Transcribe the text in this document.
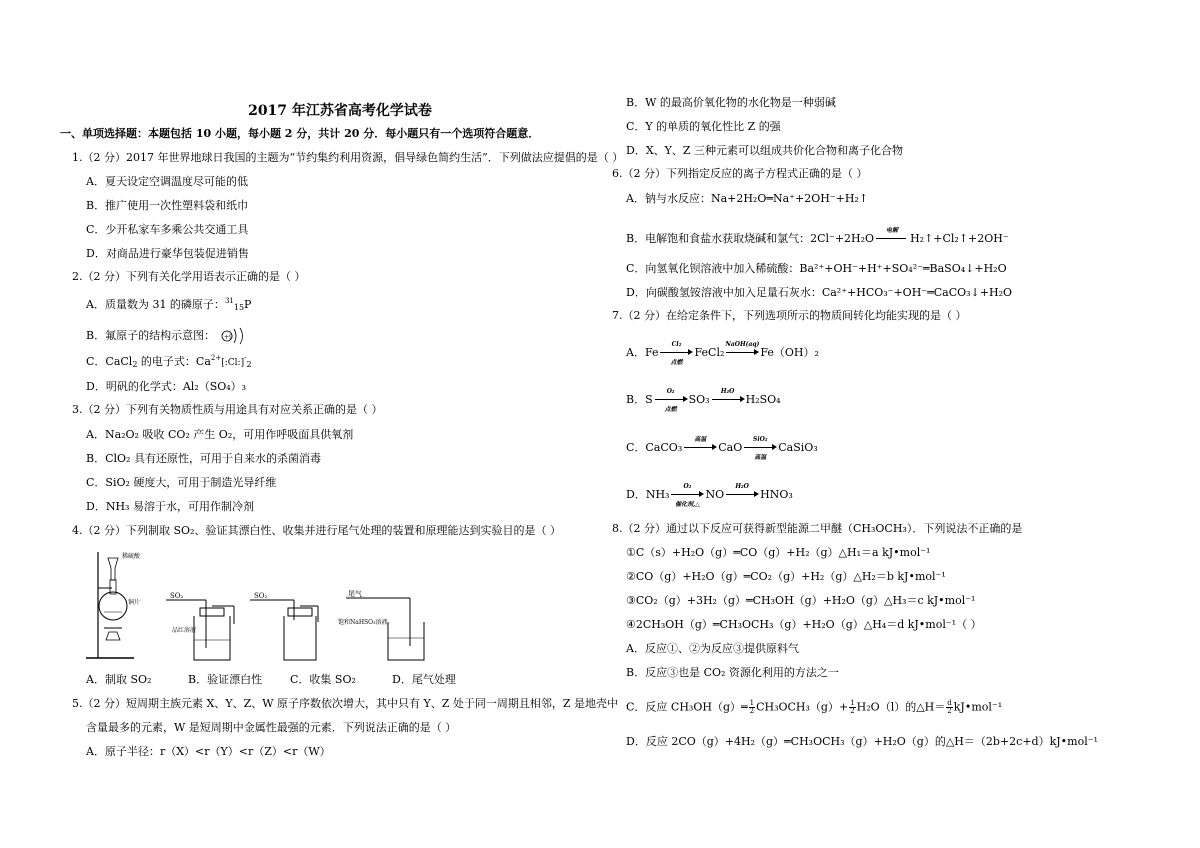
2017 年江苏省高考化学试卷
一、单项选择题：本题包括 10 小题，每小题 2 分，共计 20 分．每小题只有一个选项符合题意．
1.（2 分）2017 年世界地球日我国的主题为“节约集约利用资源，倡导绿色简约生活”．下列做法应提倡的是（ ）
A．夏天设定空调温度尽可能的低
B．推广使用一次性塑料袋和纸巾
C．少开私家车多乘公共交通工具
D．对商品进行豪华包装促进销售
2.（2 分）下列有关化学用语表示正确的是（ ）
A．质量数为 31 的磷原子：$^{31}_{15}$P
B．氟原子的结构示意图： +9
C．CaCl$_2$ 的电子式：$Ca^{2+}[:Cl:]^-_2$
D．明矾的化学式：Al₂（SO₄）₃
3.（2 分）下列有关物质性质与用途具有对应关系正确的是（ ）
A．Na₂O₂ 吸收 CO₂ 产生 O₂，可用作呼吸面具供氧剂
B．ClO₂ 具有还原性，可用于自来水的杀菌消毒
C．SiO₂ 硬度大，可用于制造光导纤维
D．NH₃ 易溶于水，可用作制冷剂
4.（2 分）下列制取 SO₂、验证其漂白性、收集并进行尾气处理的装置和原理能达到实验目的是（ ）
稀硫酸
铜片
SO₂
品红溶液
SO₂	尾气
饱和NaHSO₃溶液
A．制取 SO₂	B．验证漂白性	C．收集 SO₂	D．尾气处理
5.（2 分）短周期主族元素 X、Y、Z、W 原子序数依次增大，其中只有 Y、Z 处于同一周期且相邻，Z 是地壳中
含量最多的元素，W 是短周期中金属性最强的元素．下列说法正确的是（ ）
A．原子半径：r（X）<r（Y）<r（Z）<r（W）
B．W 的最高价氧化物的水化物是一种弱碱
C．Y 的单质的氧化性比 Z 的强
D．X、Y、Z 三种元素可以组成共价化合物和离子化合物
6.（2 分）下列指定反应的离子方程式正确的是（ ）
A．钠与水反应：Na+2H₂O═Na⁺+2OH⁻+H₂↑
B．电解饱和食盐水获取烧碱和氯气：2Cl⁻+2H₂O
电解
H₂↑+Cl₂↑+2OH⁻
C．向氢氧化钡溶液中加入稀硫酸：Ba²⁺+OH⁻+H⁺+SO₄²⁻═BaSO₄↓+H₂O
D．向碳酸氢铵溶液中加入足量石灰水：Ca²⁺+HCO₃⁻+OH⁻═CaCO₃↓+H₂O
7.（2 分）在给定条件下，下列选项所示的物质间转化均能实现的是（ ）
A．Fe
Cl₂
点燃
FeCl₂
NaOH(aq)
Fe（OH）₂
B．S
O₂
点燃
SO₃
H₂O
H₂SO₄
C．CaCO₃
高温
CaO
SiO₂
高温
CaSiO₃
D．NH₃
O₂
催化剂,△
NO
H₂O
HNO₃
8.（2 分）通过以下反应可获得新型能源二甲醚（CH₃OCH₃）．下列说法不正确的是
①C（s）+H₂O（g）═CO（g）+H₂（g）△H₁＝a kJ•mol⁻¹
②CO（g）+H₂O（g）═CO₂（g）+H₂（g）△H₂＝b kJ•mol⁻¹
③CO₂（g）+3H₂（g）═CH₃OH（g）+H₂O（g）△H₃＝c kJ•mol⁻¹
④2CH₃OH（g）═CH₃OCH₃（g）+H₂O（g）△H₄＝d kJ•mol⁻¹（ ）
A．反应①、②为反应③提供原料气
B．反应③也是 CO₂ 资源化利用的方法之一
C．反应 CH₃OH（g）═ $\frac{1}{2} CH_3OCH_3(g)+ \frac{1}{2} H_2O(l)$的△H＝ $\frac{d}{2}$ kJ•mol⁻¹
D．反应 2CO（g）+4H₂（g）═CH₃OCH₃（g）+H₂O（g）的△H＝（2b+2c+d）kJ•mol⁻¹
